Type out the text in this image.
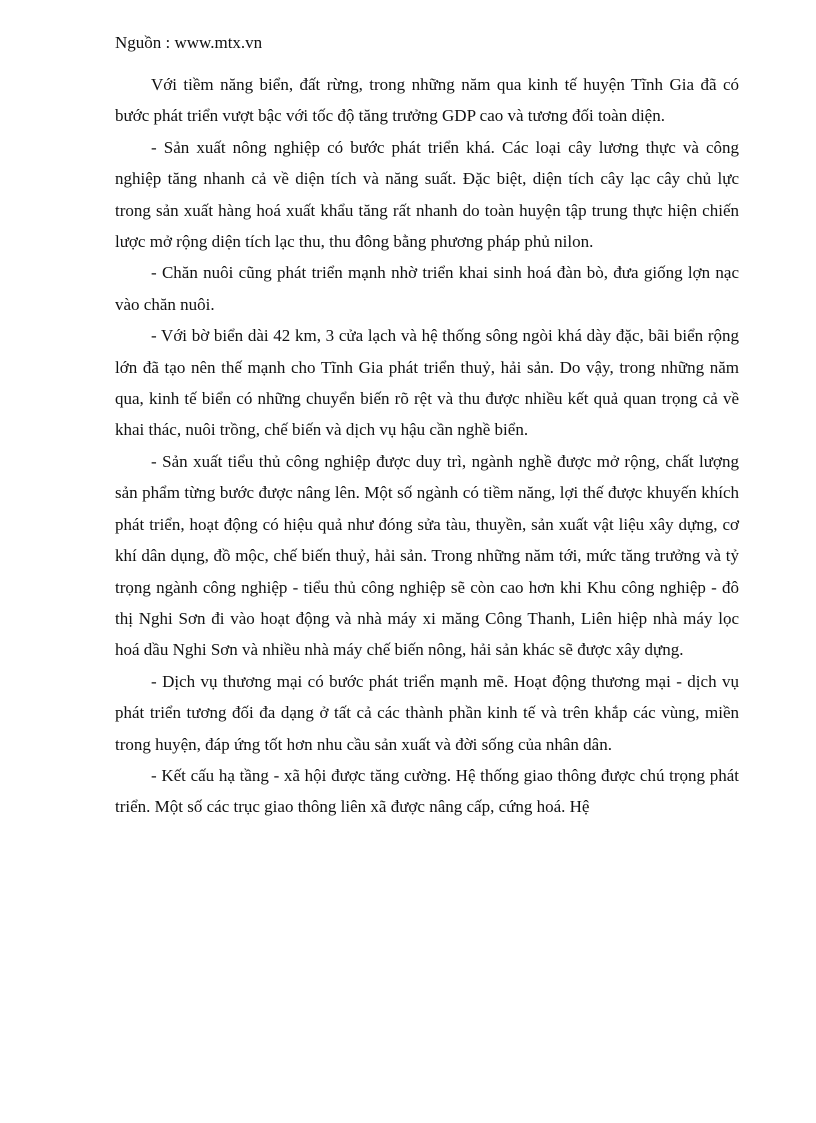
Nguồn : www.mtx.vn

Với tiềm năng biển, đất rừng, trong những năm qua kinh tế huyện Tĩnh Gia đã có bước phát triển vượt bậc với tốc độ tăng trưởng GDP cao và tương đối toàn diện.

- Sản xuất nông nghiệp có bước phát triển khá. Các loại cây lương thực và công nghiệp tăng nhanh cả về diện tích và năng suất. Đặc biệt, diện tích cây lạc cây chủ lực trong sản xuất hàng hoá xuất khẩu tăng rất nhanh do toàn huyện tập trung thực hiện chiến lược mở rộng diện tích lạc thu, thu đông bằng phương pháp phủ nilon.

- Chăn nuôi cũng phát triển mạnh nhờ triển khai sinh hoá đàn bò, đưa giống lợn nạc vào chăn nuôi.

- Với bờ biển dài 42 km, 3 cửa lạch và hệ thống sông ngòi khá dày đặc, bãi biển rộng lớn đã tạo nên thế mạnh cho Tĩnh Gia phát triển thuỷ, hải sản. Do vậy, trong những năm qua, kinh tế biển có những chuyển biến rõ rệt và thu được nhiều kết quả quan trọng cả về khai thác, nuôi trồng, chế biến và dịch vụ hậu cần nghề biển.

- Sản xuất tiểu thủ công nghiệp được duy trì, ngành nghề được mở rộng, chất lượng sản phẩm từng bước được nâng lên. Một số ngành có tiềm năng, lợi thế được khuyến khích phát triển, hoạt động có hiệu quả như đóng sửa tàu, thuyền, sản xuất vật liệu xây dựng, cơ khí dân dụng, đồ mộc, chế biến thuỷ, hải sản. Trong những năm tới, mức tăng trưởng và tỷ trọng ngành công nghiệp - tiểu thủ công nghiệp sẽ còn cao hơn khi Khu công nghiệp - đô thị Nghi Sơn đi vào hoạt động và nhà máy xi măng Công Thanh, Liên hiệp nhà máy lọc hoá dầu Nghi Sơn và nhiều nhà máy chế biến nông, hải sản khác sẽ được xây dựng.

- Dịch vụ thương mại có bước phát triển mạnh mẽ. Hoạt động thương mại - dịch vụ phát triển tương đối đa dạng ở tất cả các thành phần kinh tế và trên khắp các vùng, miền trong huyện, đáp ứng tốt hơn nhu cầu sản xuất và đời sống của nhân dân.

- Kết cấu hạ tầng - xã hội được tăng cường. Hệ thống giao thông được chú trọng phát triển. Một số các trục giao thông liên xã được nâng cấp, cứng hoá. Hệ
